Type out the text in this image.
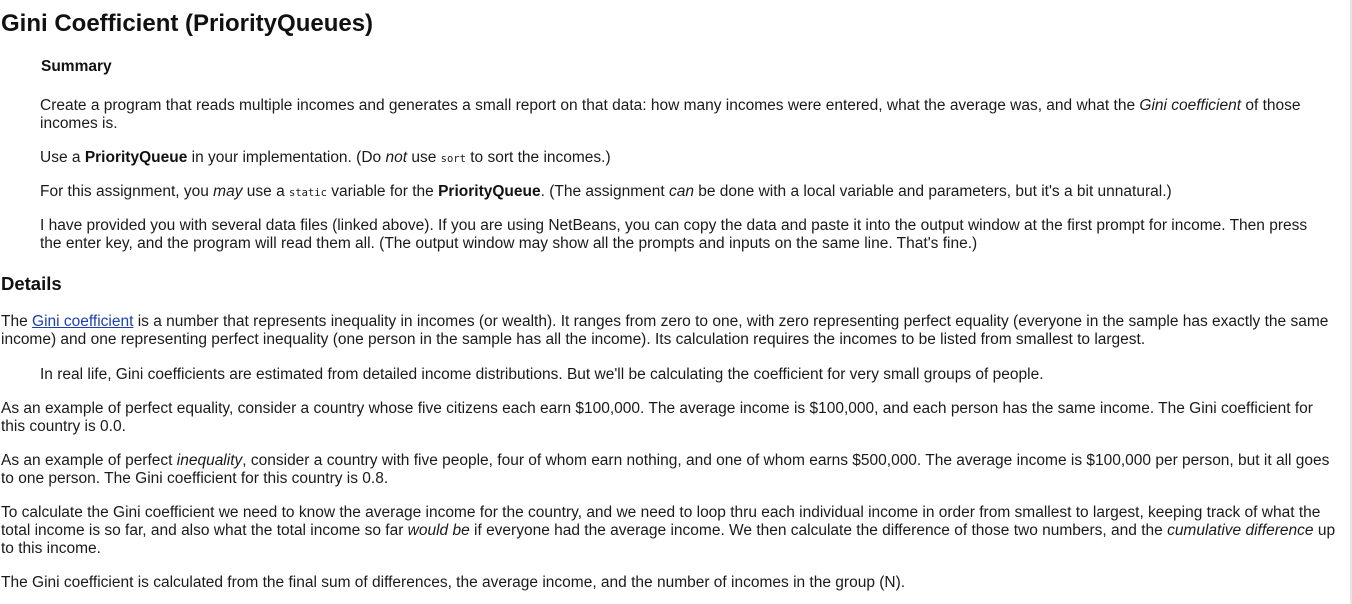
Gini Coefficient (PriorityQueues)
Summary

Create a program that reads multiple incomes and generates a small report on that data: how many incomes were entered, what the average was, and what the Gini coefficient of those incomes is.

Use a PriorityQueue in your implementation. (Do not use sort to sort the incomes.)

For this assignment, you may use a static variable for the PriorityQueue. (The assignment can be done with a local variable and parameters, but it's a bit unnatural.)

I have provided you with several data files (linked above). If you are using NetBeans, you can copy the data and paste it into the output window at the first prompt for income. Then press the enter key, and the program will read them all. (The output window may show all the prompts and inputs on the same line. That's fine.)

Details

The Gini coefficient is a number that represents inequality in incomes (or wealth). It ranges from zero to one, with zero representing perfect equality (everyone in the sample has exactly the same income) and one representing perfect inequality (one person in the sample has all the income). Its calculation requires the incomes to be listed from smallest to largest.

In real life, Gini coefficients are estimated from detailed income distributions. But we'll be calculating the coefficient for very small groups of people.

As an example of perfect equality, consider a country whose five citizens each earn $100,000. The average income is $100,000, and each person has the same income. The Gini coefficient for this country is 0.0.

As an example of perfect inequality, consider a country with five people, four of whom earn nothing, and one of whom earns $500,000. The average income is $100,000 per person, but it all goes to one person. The Gini coefficient for this country is 0.8.

To calculate the Gini coefficient we need to know the average income for the country, and we need to loop thru each individual income in order from smallest to largest, keeping track of what the total income is so far, and also what the total income so far would be if everyone had the average income. We then calculate the difference of those two numbers, and the cumulative difference up to this income.

The Gini coefficient is calculated from the final sum of differences, the average income, and the number of incomes in the group (N).
